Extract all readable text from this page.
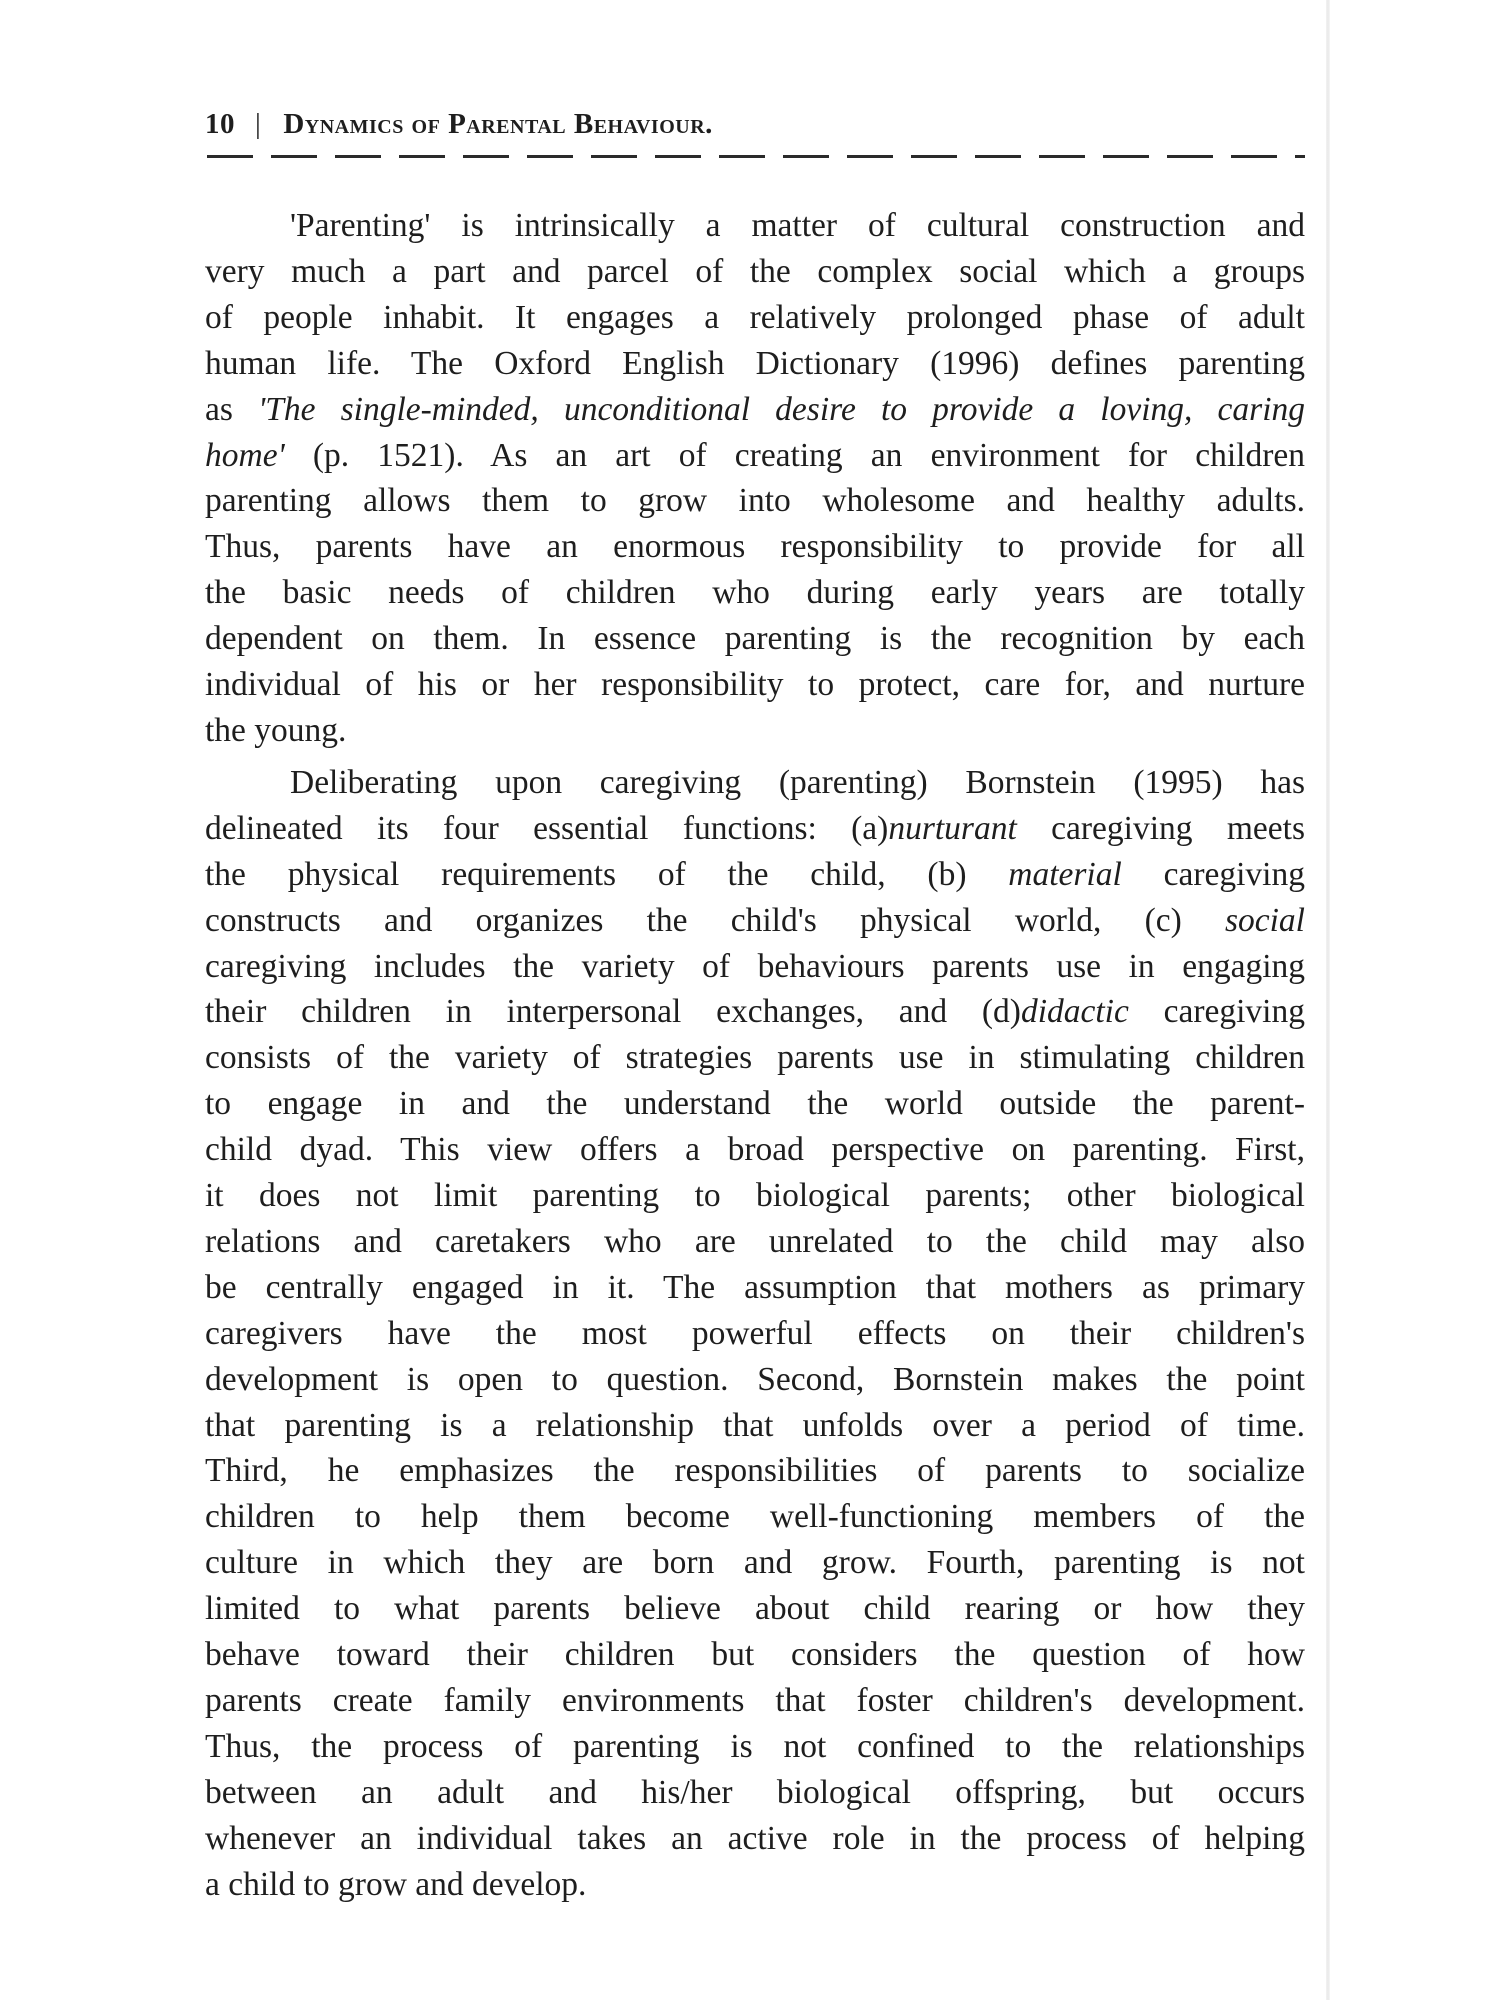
10 | Dynamics of Parental Behaviour.
'Parenting' is intrinsically a matter of cultural construction and
very much a part and parcel of the complex social which a groups
of people inhabit. It engages a relatively prolonged phase of adult
human life. The Oxford English Dictionary (1996) defines parenting
as 'The single-minded, unconditional desire to provide a loving, caring
home' (p. 1521). As an art of creating an environment for children
parenting allows them to grow into wholesome and healthy adults.
Thus, parents have an enormous responsibility to provide for all
the basic needs of children who during early years are totally
dependent on them. In essence parenting is the recognition by each
individual of his or her responsibility to protect, care for, and nurture
the young.
Deliberating upon caregiving (parenting) Bornstein (1995) has
delineated its four essential functions: (a)nurturant caregiving meets
the physical requirements of the child, (b) material caregiving
constructs and organizes the child's physical world, (c) social
caregiving includes the variety of behaviours parents use in engaging
their children in interpersonal exchanges, and (d)didactic caregiving
consists of the variety of strategies parents use in stimulating children
to engage in and the understand the world outside the parent-
child dyad. This view offers a broad perspective on parenting. First,
it does not limit parenting to biological parents; other biological
relations and caretakers who are unrelated to the child may also
be centrally engaged in it. The assumption that mothers as primary
caregivers have the most powerful effects on their children's
development is open to question. Second, Bornstein makes the point
that parenting is a relationship that unfolds over a period of time.
Third, he emphasizes the responsibilities of parents to socialize
children to help them become well-functioning members of the
culture in which they are born and grow. Fourth, parenting is not
limited to what parents believe about child rearing or how they
behave toward their children but considers the question of how
parents create family environments that foster children's development.
Thus, the process of parenting is not confined to the relationships
between an adult and his/her biological offspring, but occurs
whenever an individual takes an active role in the process of helping
a child to grow and develop.
